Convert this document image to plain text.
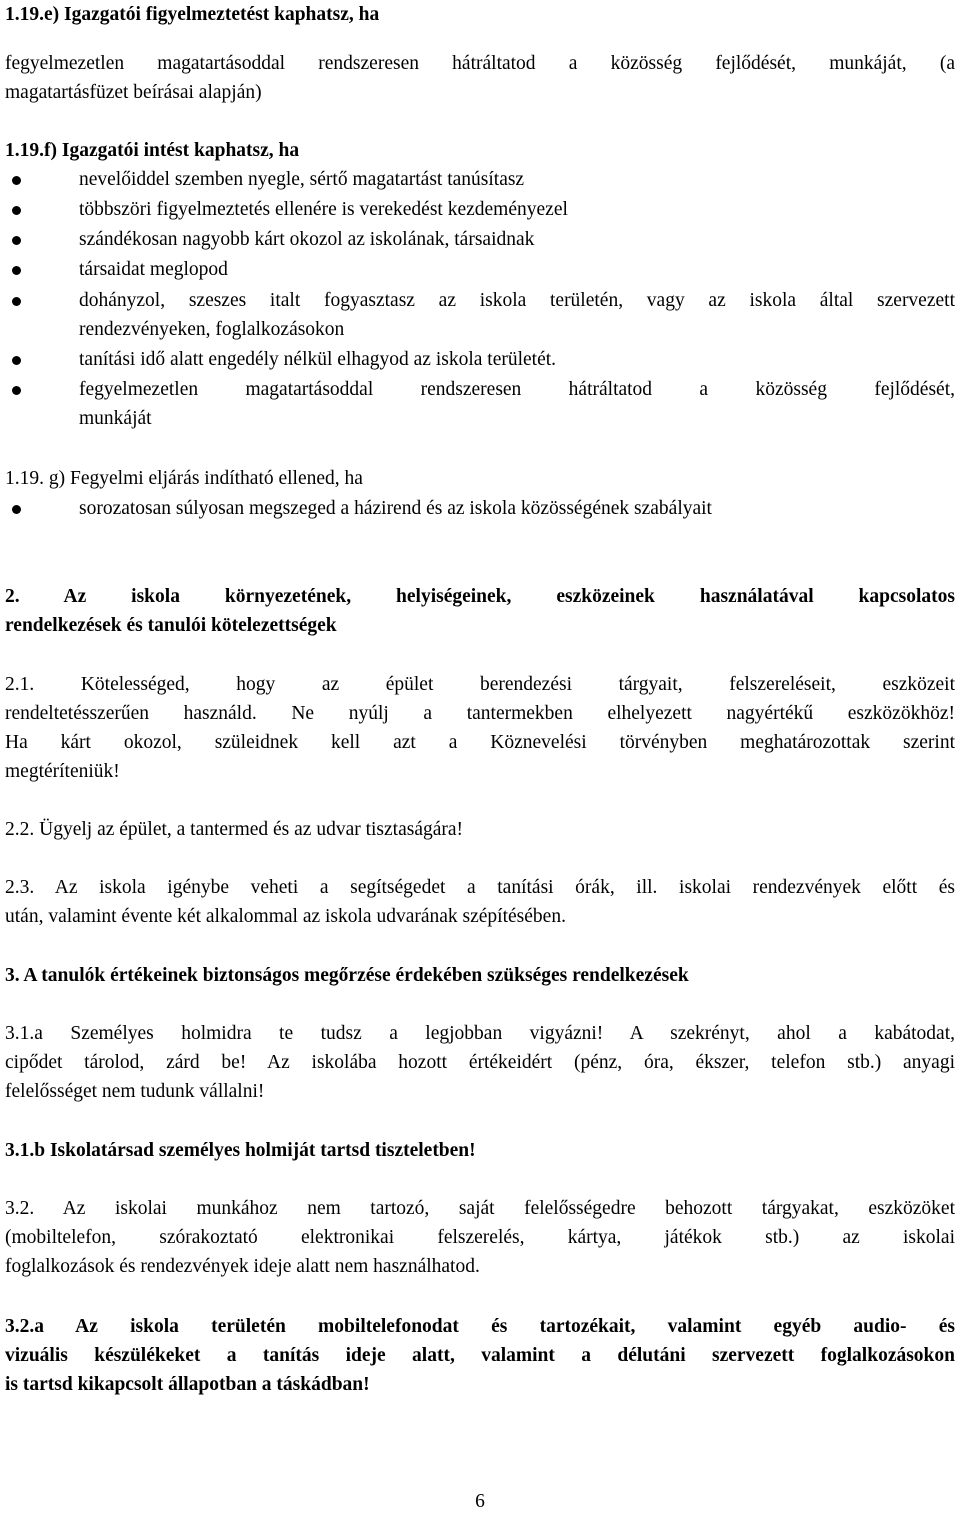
1.19.e) Igazgatói figyelmeztetést kaphatsz, ha
fegyelmezetlen magatartásoddal rendszeresen hátráltatod a közösség fejlődését, munkáját, (a
magatartásfüzet beírásai alapján)
1.19.f) Igazgatói intést kaphatsz, ha
nevelőiddel szemben nyegle, sértő magatartást tanúsítasz
többszöri figyelmeztetés ellenére is verekedést kezdeményezel
szándékosan nagyobb kárt okozol az iskolának, társaidnak
társaidat meglopod
dohányzol, szeszes italt fogyasztasz az iskola területén, vagy az iskola által szervezett
rendezvényeken, foglalkozásokon
tanítási idő alatt engedély nélkül elhagyod az iskola területét.
fegyelmezetlen magatartásoddal rendszeresen hátráltatod a közösség fejlődését,
munkáját
1.19. g) Fegyelmi eljárás indítható ellened, ha
sorozatosan súlyosan megszeged a házirend és az iskola közösségének szabályait
2. Az iskola környezetének, helyiségeinek, eszközeinek használatával kapcsolatos
rendelkezések és tanulói kötelezettségek
2.1. Kötelességed, hogy az épület berendezési tárgyait, felszereléseit, eszközeit
rendeltetésszerűen használd. Ne nyúlj a tantermekben elhelyezett nagyértékű eszközökhöz!
Ha kárt okozol, szüleidnek kell azt a Köznevelési törvényben meghatározottak szerint
megtéríteniük!
2.2. Ügyelj az épület, a tantermed és az udvar tisztaságára!
2.3. Az iskola igénybe veheti a segítségedet a tanítási órák, ill. iskolai rendezvények előtt és
után, valamint évente két alkalommal az iskola udvarának szépítésében.
3. A tanulók értékeinek biztonságos megőrzése érdekében szükséges rendelkezések
3.1.a Személyes holmidra te tudsz a legjobban vigyázni! A szekrényt, ahol a kabátodat,
cipődet tárolod, zárd be! Az iskolába hozott értékeidért (pénz, óra, ékszer, telefon stb.) anyagi
felelősséget nem tudunk vállalni!
3.1.b Iskolatársad személyes holmiját tartsd tiszteletben!
3.2. Az iskolai munkához nem tartozó, saját felelősségedre behozott tárgyakat, eszközöket
(mobiltelefon, szórakoztató elektronikai felszerelés, kártya, játékok stb.) az iskolai
foglalkozások és rendezvények ideje alatt nem használhatod.
3.2.a Az iskola területén mobiltelefonodat és tartozékait, valamint egyéb audio- és
vizuális készülékeket a tanítás ideje alatt, valamint a délutáni szervezett foglalkozásokon
is tartsd kikapcsolt állapotban a táskádban!
6
